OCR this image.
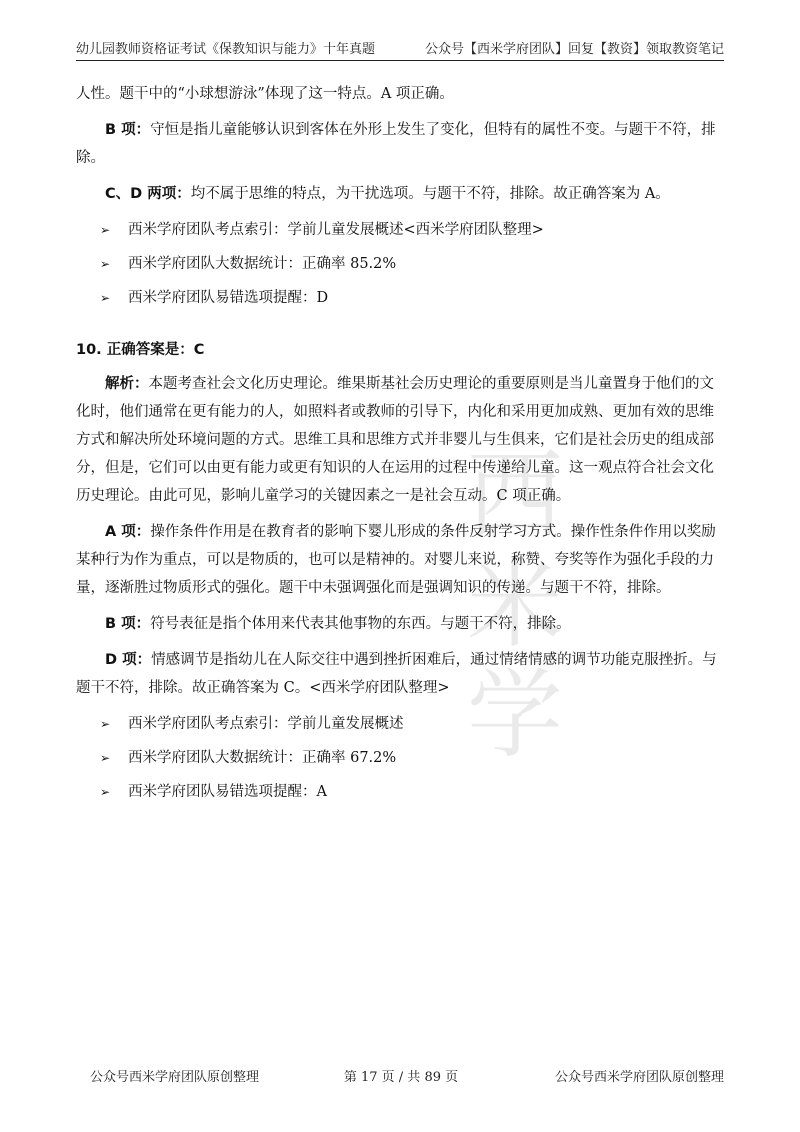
幼儿园教师资格证考试《保教知识与能力》十年真题	公众号【西米学府团队】回复【教资】领取教资笔记
西
米
学

人性。题干中的“小球想游泳”体现了这一特点。A 项正确。

B 项：守恒是指儿童能够认识到客体在外形上发生了变化，但特有的属性不变。与题干不符，排除。

C、D 两项：均不属于思维的特点，为干扰选项。与题干不符，排除。故正确答案为 A。

➢ 西米学府团队考点索引：学前儿童发展概述<西米学府团队整理>
➢ 西米学府团队大数据统计：正确率 85.2%
➢ 西米学府团队易错选项提醒：D
10. 正确答案是：C

解析：本题考查社会文化历史理论。维果斯基社会历史理论的重要原则是当儿童置身于他们的文化时，他们通常在更有能力的人，如照料者或教师的引导下，内化和采用更加成熟、更加有效的思维方式和解决所处环境问题的方式。思维工具和思维方式并非婴儿与生俱来，它们是社会历史的组成部分，但是，它们可以由更有能力或更有知识的人在运用的过程中传递给儿童。这一观点符合社会文化历史理论。由此可见，影响儿童学习的关键因素之一是社会互动。C 项正确。

A 项：操作条件作用是在教育者的影响下婴儿形成的条件反射学习方式。操作性条件作用以奖励某种行为作为重点，可以是物质的，也可以是精神的。对婴儿来说，称赞、夸奖等作为强化手段的力量，逐渐胜过物质形式的强化。题干中未强调强化而是强调知识的传递。与题干不符，排除。

B 项：符号表征是指个体用来代表其他事物的东西。与题干不符，排除。

D 项：情感调节是指幼儿在人际交往中遇到挫折困难后，通过情绪情感的调节功能克服挫折。与题干不符，排除。故正确答案为 C。<西米学府团队整理>

➢ 西米学府团队考点索引：学前儿童发展概述
➢ 西米学府团队大数据统计：正确率 67.2%
➢ 西米学府团队易错选项提醒：A
公众号西米学府团队原创整理	第 17 页 / 共 89 页	公众号西米学府团队原创整理
